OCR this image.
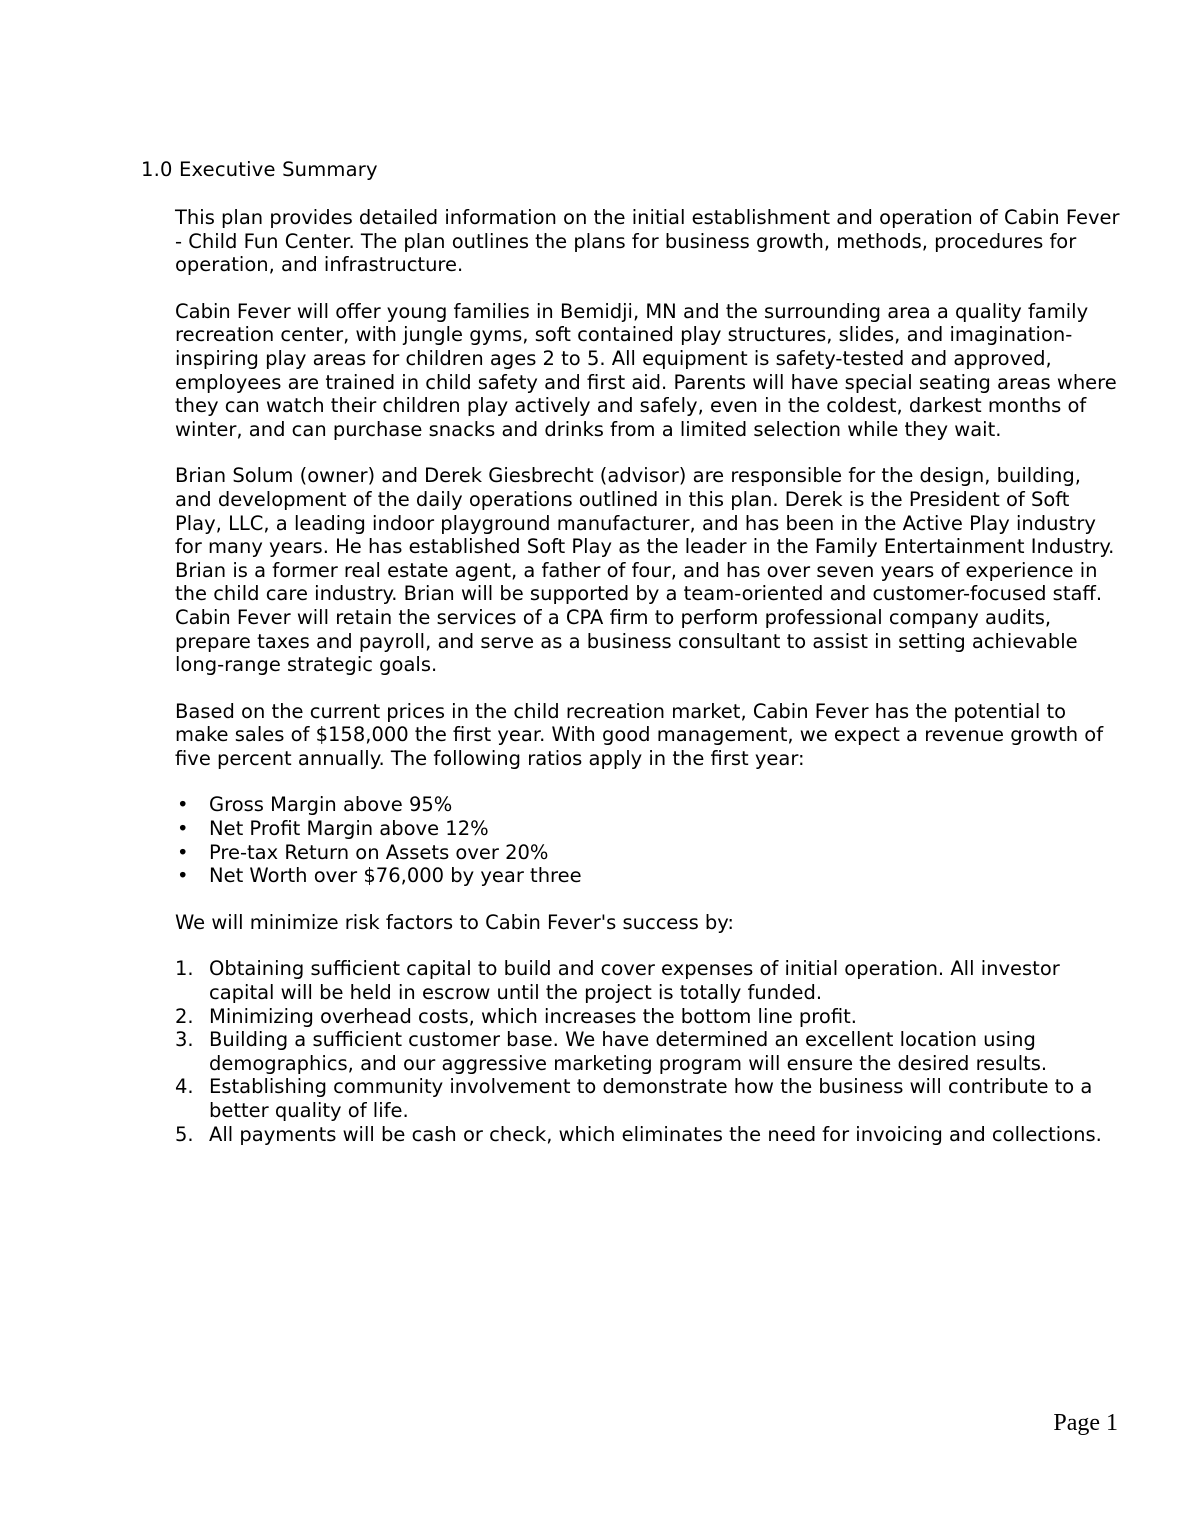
1.0 Executive Summary

This plan provides detailed information on the initial establishment and operation of Cabin Fever - Child Fun Center. The plan outlines the plans for business growth, methods, procedures for operation, and infrastructure.

Cabin Fever will offer young families in Bemidji, MN and the surrounding area a quality family recreation center, with jungle gyms, soft contained play structures, slides, and imagination-inspiring play areas for children ages 2 to 5. All equipment is safety-tested and approved, employees are trained in child safety and first aid. Parents will have special seating areas where they can watch their children play actively and safely, even in the coldest, darkest months of winter, and can purchase snacks and drinks from a limited selection while they wait.

Brian Solum (owner) and Derek Giesbrecht (advisor) are responsible for the design, building, and development of the daily operations outlined in this plan. Derek is the President of Soft Play, LLC, a leading indoor playground manufacturer, and has been in the Active Play industry for many years. He has established Soft Play as the leader in the Family Entertainment Industry. Brian is a former real estate agent, a father of four, and has over seven years of experience in the child care industry. Brian will be supported by a team-oriented and customer-focused staff. Cabin Fever will retain the services of a CPA firm to perform professional company audits, prepare taxes and payroll, and serve as a business consultant to assist in setting achievable long-range strategic goals.

Based on the current prices in the child recreation market, Cabin Fever has the potential to make sales of $158,000 the first year. With good management, we expect a revenue growth of five percent annually. The following ratios apply in the first year:

• Gross Margin above 95%
• Net Profit Margin above 12%
• Pre-tax Return on Assets over 20%
• Net Worth over $76,000 by year three

We will minimize risk factors to Cabin Fever's success by:

1. Obtaining sufficient capital to build and cover expenses of initial operation. All investor capital will be held in escrow until the project is totally funded.
2. Minimizing overhead costs, which increases the bottom line profit.
3. Building a sufficient customer base. We have determined an excellent location using demographics, and our aggressive marketing program will ensure the desired results.
4. Establishing community involvement to demonstrate how the business will contribute to a better quality of life.
5. All payments will be cash or check, which eliminates the need for invoicing and collections.
Page 1
